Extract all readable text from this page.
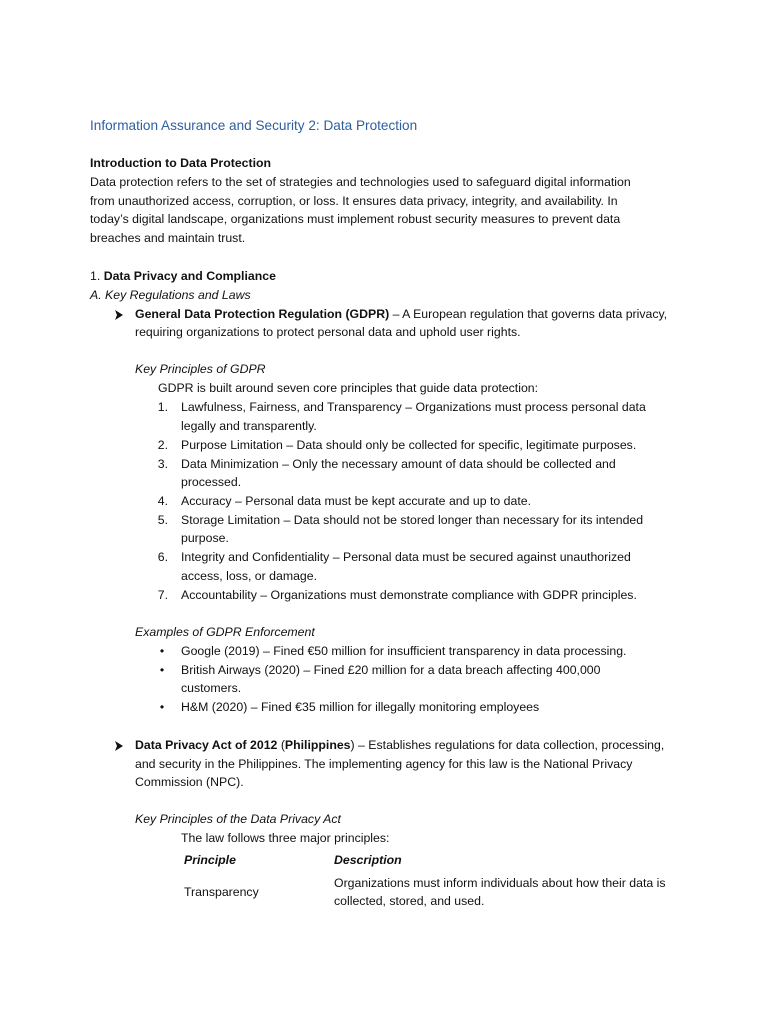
Information Assurance and Security 2: Data Protection
Introduction to Data Protection
Data protection refers to the set of strategies and technologies used to safeguard digital information
from unauthorized access, corruption, or loss. It ensures data privacy, integrity, and availability. In
today’s digital landscape, organizations must implement robust security measures to prevent data
breaches and maintain trust.
1. Data Privacy and Compliance
A. Key Regulations and Laws
General Data Protection Regulation (GDPR) – A European regulation that governs data privacy,
requiring organizations to protect personal data and uphold user rights.
Key Principles of GDPR
GDPR is built around seven core principles that guide data protection:
1. Lawfulness, Fairness, and Transparency – Organizations must process personal data
legally and transparently.
2. Purpose Limitation – Data should only be collected for specific, legitimate purposes.
3. Data Minimization – Only the necessary amount of data should be collected and
processed.
4. Accuracy – Personal data must be kept accurate and up to date.
5. Storage Limitation – Data should not be stored longer than necessary for its intended
purpose.
6. Integrity and Confidentiality – Personal data must be secured against unauthorized
access, loss, or damage.
7. Accountability – Organizations must demonstrate compliance with GDPR principles.
Examples of GDPR Enforcement
• Google (2019) – Fined €50 million for insufficient transparency in data processing.
• British Airways (2020) – Fined £20 million for a data breach affecting 400,000
customers.
• H&M (2020) – Fined €35 million for illegally monitoring employees
Data Privacy Act of 2012 (Philippines) – Establishes regulations for data collection, processing,
and security in the Philippines. The implementing agency for this law is the National Privacy
Commission (NPC).
Key Principles of the Data Privacy Act
The law follows three major principles:
Principle	Description
Transparency
Organizations must inform individuals about how their data is
collected, stored, and used.
